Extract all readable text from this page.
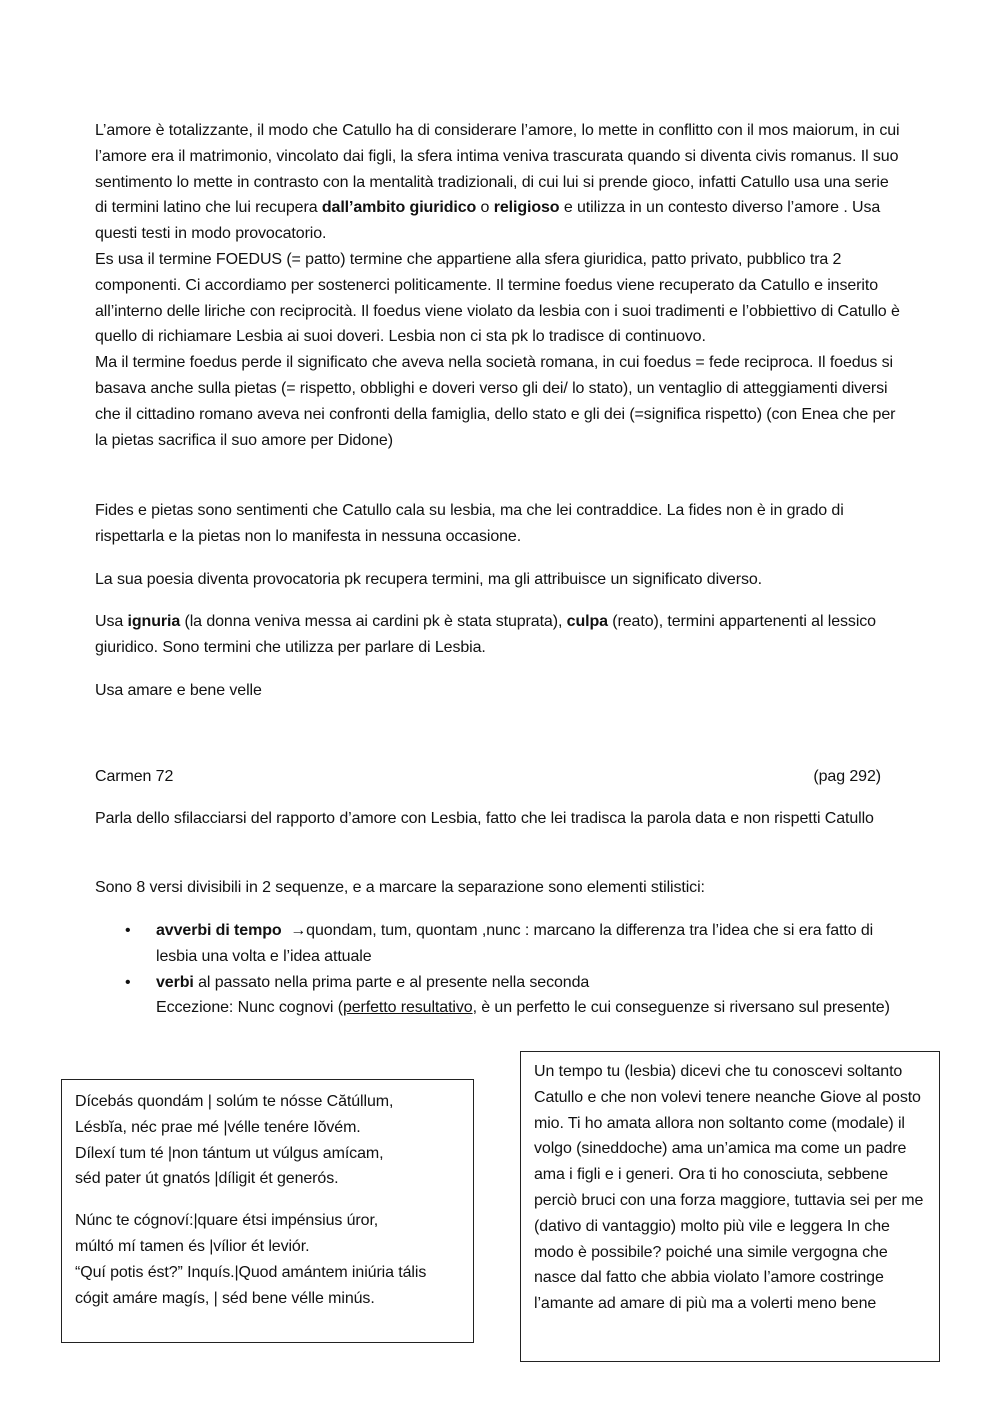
L’amore è totalizzante, il modo che Catullo ha di considerare l’amore, lo mette in conflitto con il mos maiorum, in cui l’amore era il matrimonio, vincolato dai figli, la sfera intima veniva trascurata quando si diventa civis romanus. Il suo sentimento lo mette in contrasto con la mentalità tradizionali, di cui lui si prende gioco, infatti Catullo usa una serie di termini latino che lui recupera dall’ambito giuridico o religioso e utilizza in un contesto diverso l’amore . Usa questi testi in modo provocatorio.

Es usa il termine FOEDUS (= patto) termine che appartiene alla sfera giuridica, patto privato, pubblico tra 2 componenti. Ci accordiamo per sostenerci politicamente. Il termine foedus viene recuperato da Catullo e inserito all’interno delle liriche con reciprocità. Il foedus viene violato da lesbia con i suoi tradimenti e l’obbiettivo di Catullo è quello di richiamare Lesbia ai suoi doveri. Lesbia non ci sta pk lo tradisce di continuovo.

Ma il termine foedus perde il significato che aveva nella società romana, in cui foedus = fede reciproca. Il foedus si basava anche sulla pietas (= rispetto, obblighi e doveri verso gli dei/ lo stato), un ventaglio di atteggiamenti diversi che il cittadino romano aveva nei confronti della famiglia, dello stato e gli dei (=significa rispetto) (con Enea che per la pietas sacrifica il suo amore per Didone)

Fides e pietas sono sentimenti che Catullo cala su lesbia, ma che lei contraddice. La fides non è in grado di rispettarla e la pietas non lo manifesta in nessuna occasione.

La sua poesia diventa provocatoria pk recupera termini, ma gli attribuisce un significato diverso.

Usa ignuria (la donna veniva messa ai cardini pk è stata stuprata), culpa (reato), termini appartenenti al lessico giuridico. Sono termini che utilizza per parlare di Lesbia.

Usa amare e bene velle

Carmen 72	(pag 292)

Parla dello sfilacciarsi del rapporto d’amore con Lesbia, fatto che lei tradisca la parola data e non rispetti Catullo

Sono 8 versi divisibili in 2 sequenze, e a marcare la separazione sono elementi stilistici:

• avverbi di tempo →quondam, tum, quontam ,nunc : marcano la differenza tra l’idea che si era fatto di lesbia una volta e l’idea attuale
• verbi al passato nella prima parte e al presente nella seconda
Eccezione: Nunc cognovi (perfetto resultativo, è un perfetto le cui conseguenze si riversano sul presente)

Dícebás quondám | solúm te nósse Cătúllum,

Lésbĭa, néc prae mé |vélle tenére Iŏvém.

Dílexí tum té |non tántum ut vúlgus amícam,

séd pater út gnatós |díligit ét generós.

Núnc te cógnoví:|quare étsi impénsius úror,

múltó mí tamen és |vílior ét leviór.

“Quí potis ést?” Inquís.|Quod amántem iniúria tális

cógit amáre magís, | séd bene vélle minús.

Un tempo tu (lesbia) dicevi che tu conoscevi soltanto Catullo e che non volevi tenere neanche Giove al posto mio. Ti ho amata allora non soltanto come (modale) il volgo (sineddoche) ama un’amica ma come un padre ama i figli e i generi. Ora ti ho conosciuta, sebbene perciò bruci con una forza maggiore, tuttavia sei per me (dativo di vantaggio) molto più vile e leggera In che modo è possibile? poiché una simile vergogna che nasce dal fatto che abbia violato l’amore costringe l’amante ad amare di più ma a volerti meno bene
